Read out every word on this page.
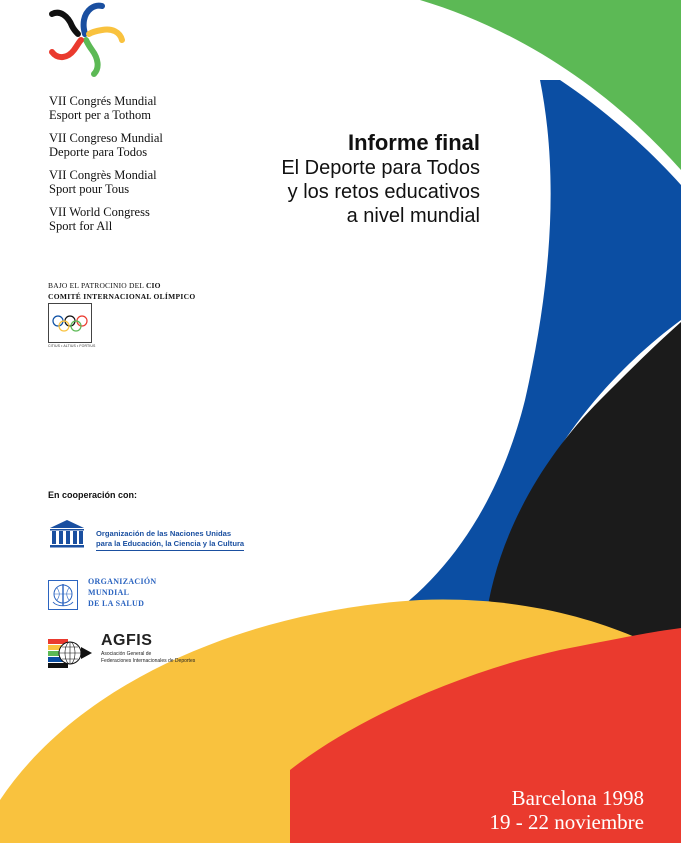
VII Congrés Mundial
Esport per a Tothom
VII Congreso Mundial
Deporte para Todos
VII Congrès Mondial
Sport pour Tous
VII World Congress
Sport for All
Informe final
El Deporte para Todos
y los retos educativos
a nivel mundial
BAJO EL PATROCINIO DEL CIO
COMITÉ INTERNACIONAL OLÍMPICO
CITIUS • ALTIUS • FORTIUS
En cooperación con:
Organización de las Naciones Unidas
para la Educación, la Ciencia y la Cultura
ORGANIZACIÓN
MUNDIAL
DE LA SALUD
AGFIS
Asociación General de
Federaciones Internacionales de Deportes
Barcelona 1998
19 - 22 noviembre
